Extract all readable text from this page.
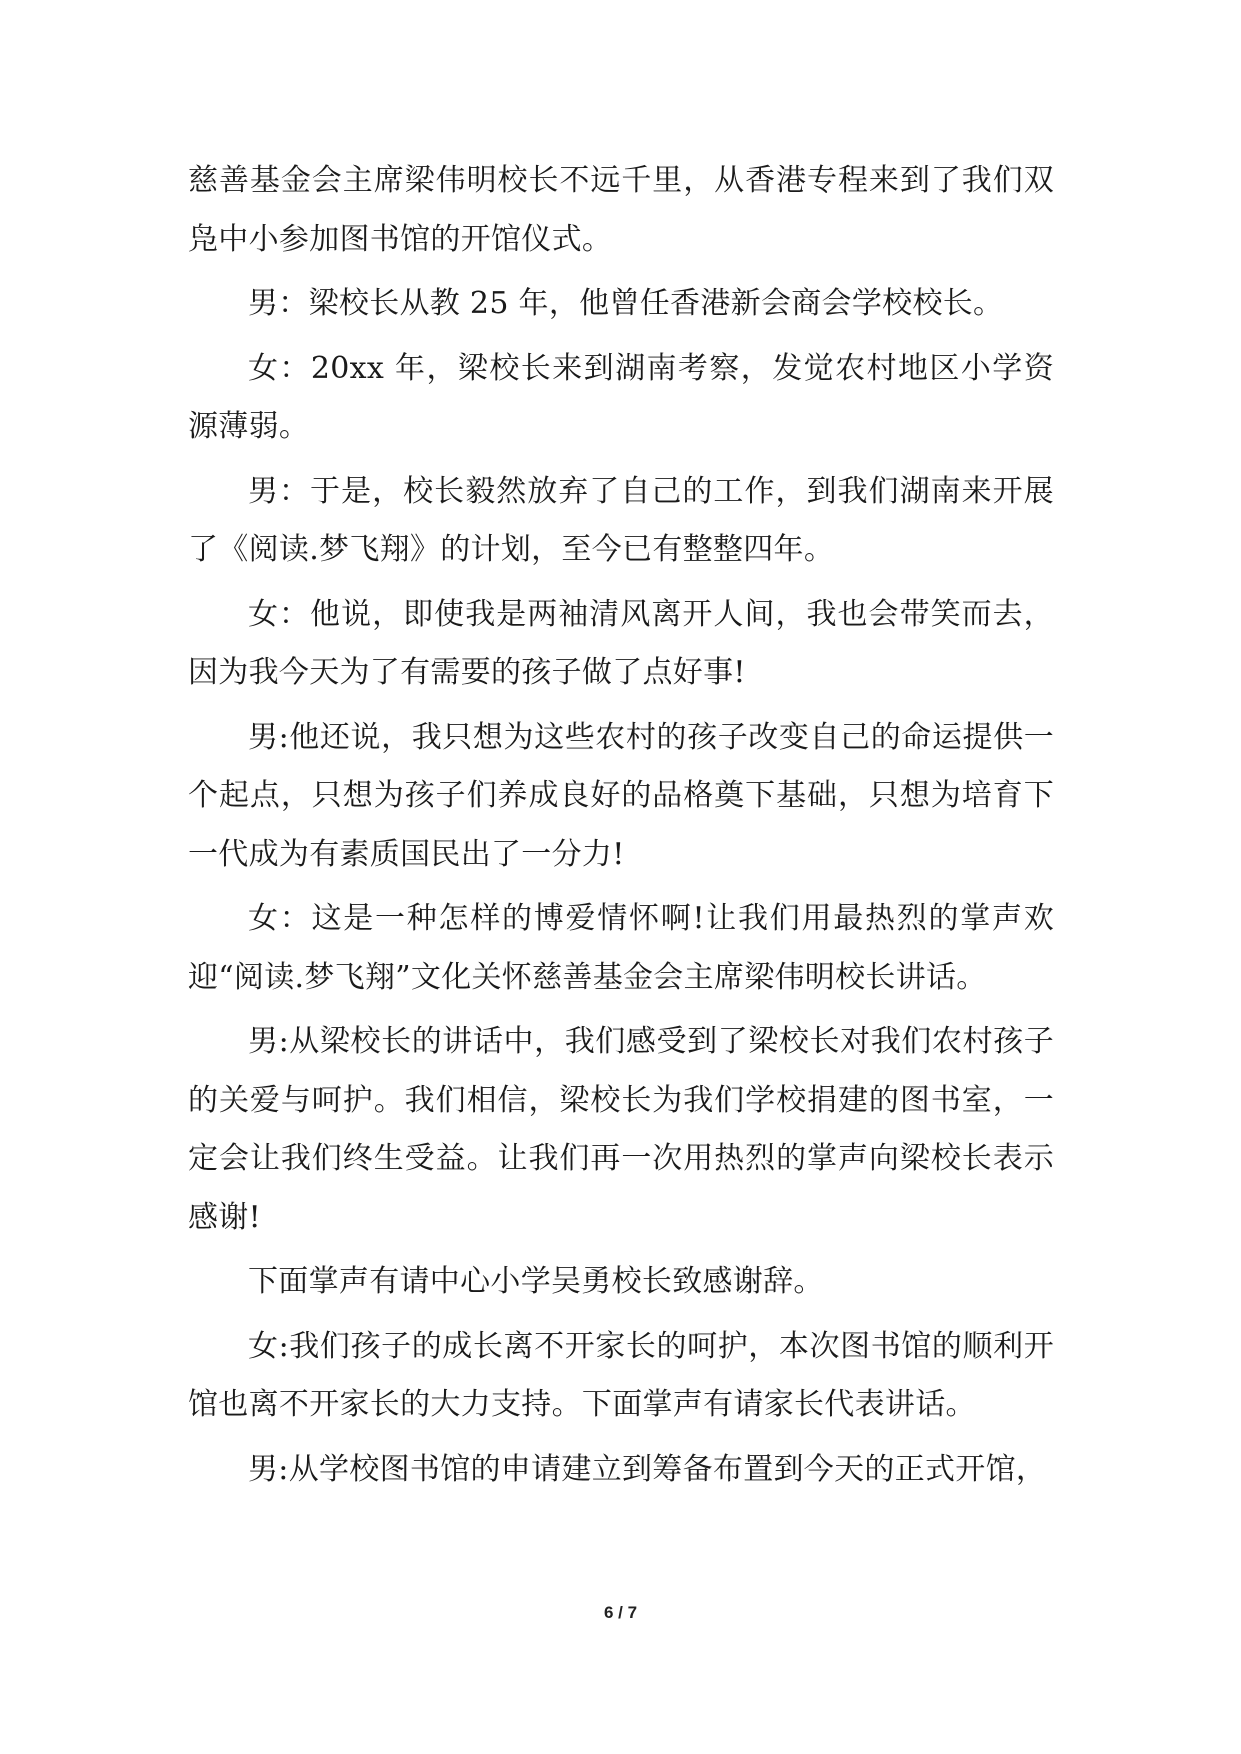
慈善基金会主席梁伟明校长不远千里，从香港专程来到了我们双凫中小参加图书馆的开馆仪式。

男：梁校长从教 25 年，他曾任香港新会商会学校校长。

女：20xx 年，梁校长来到湖南考察，发觉农村地区小学资源薄弱。

男：于是，校长毅然放弃了自己的工作，到我们湖南来开展了《阅读.梦飞翔》的计划，至今已有整整四年。

女：他说，即使我是两袖清风离开人间，我也会带笑而去，因为我今天为了有需要的孩子做了点好事!

男:他还说，我只想为这些农村的孩子改变自己的命运提供一个起点，只想为孩子们养成良好的品格奠下基础，只想为培育下一代成为有素质国民出了一分力!

女：这是一种怎样的博爱情怀啊!让我们用最热烈的掌声欢迎“阅读.梦飞翔”文化关怀慈善基金会主席梁伟明校长讲话。

男:从梁校长的讲话中，我们感受到了梁校长对我们农村孩子的关爱与呵护。我们相信，梁校长为我们学校捐建的图书室，一定会让我们终生受益。让我们再一次用热烈的掌声向梁校长表示感谢!

下面掌声有请中心小学吴勇校长致感谢辞。

女:我们孩子的成长离不开家长的呵护，本次图书馆的顺利开馆也离不开家长的大力支持。下面掌声有请家长代表讲话。

男:从学校图书馆的申请建立到筹备布置到今天的正式开馆，

6 / 7
